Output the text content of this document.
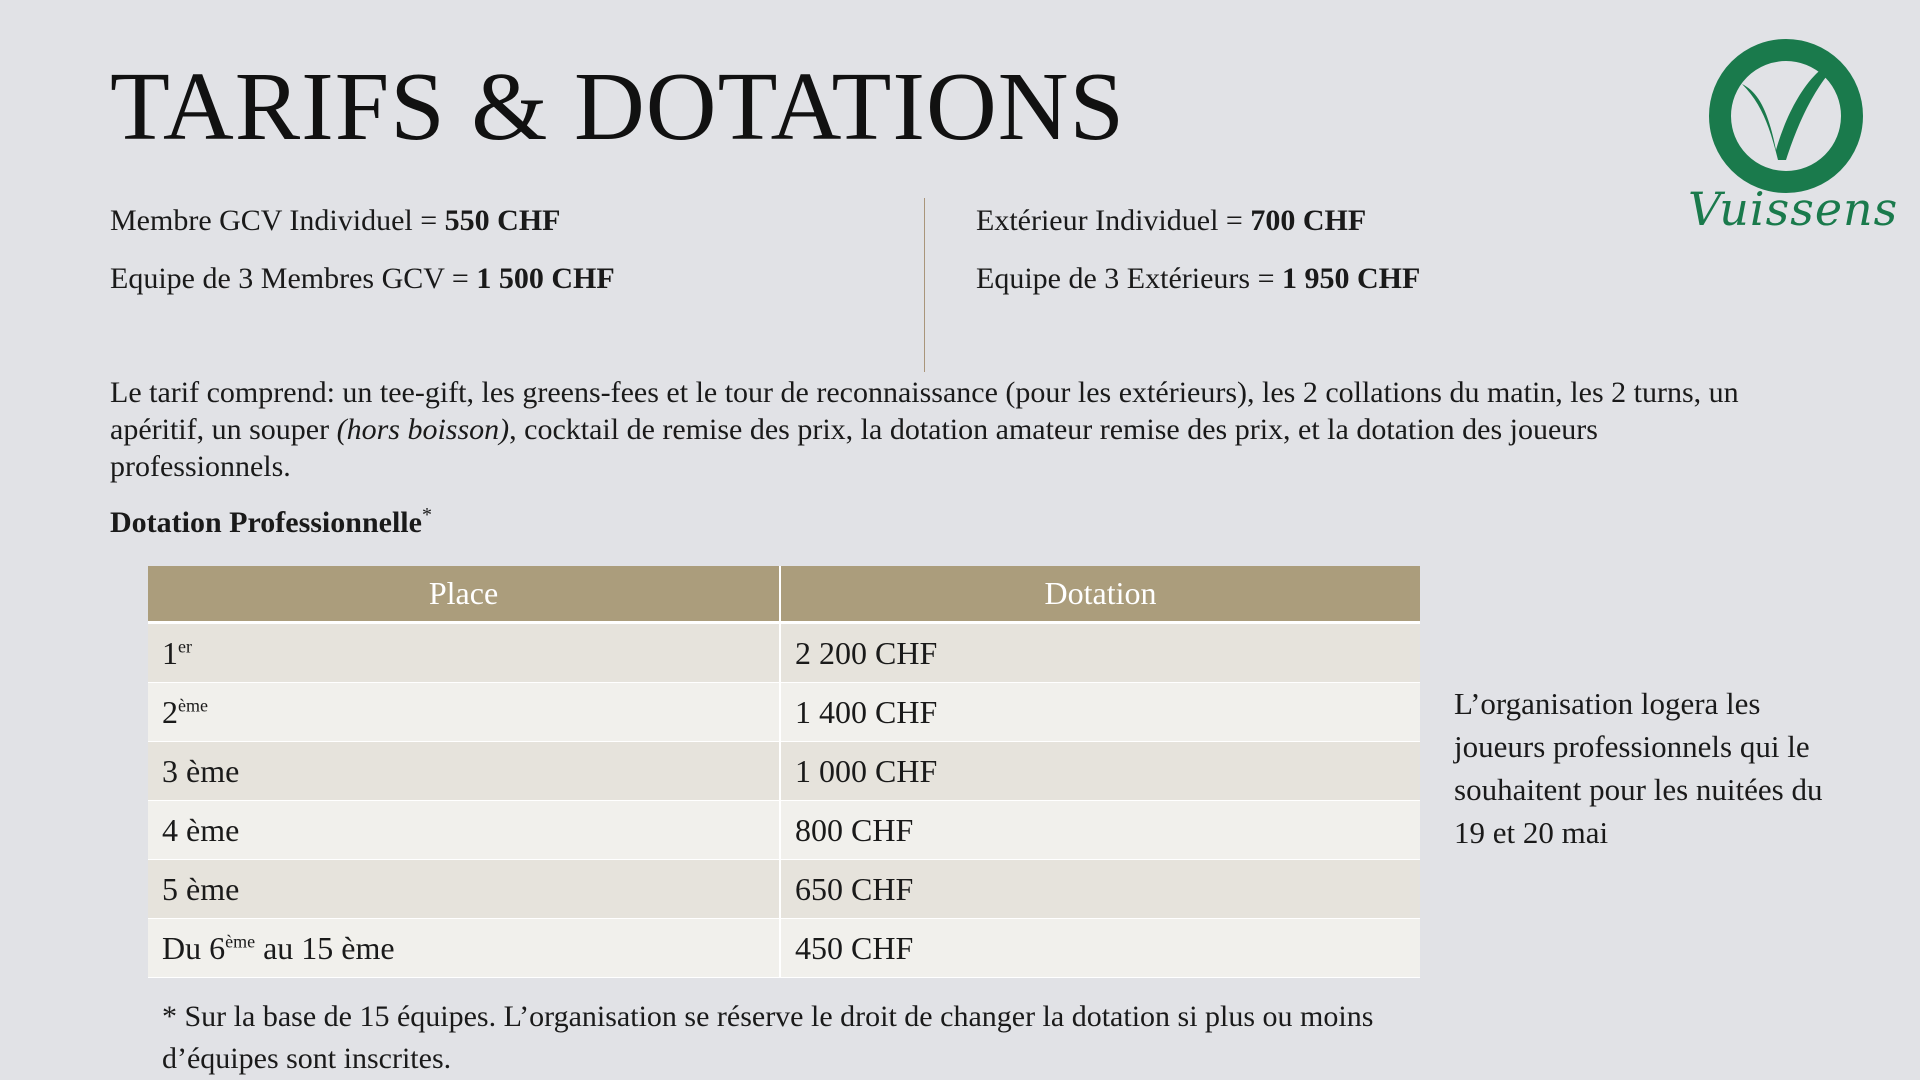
TARIFS & DOTATIONS
Vuissens
Membre GCV Individuel = 550 CHF
Equipe de 3 Membres GCV = 1 500 CHF
Extérieur Individuel = 700 CHF
Equipe de 3 Extérieurs = 1 950 CHF
Le tarif comprend: un tee-gift, les greens-fees et le tour de reconnaissance (pour les extérieurs), les 2 collations du matin, les 2 turns, un apéritif, un souper (hors boisson), cocktail de remise des prix, la dotation amateur remise des prix, et la dotation des joueurs professionnels.
Dotation Professionnelle*
Place	Dotation
1er	2 200 CHF
2ème	1 400 CHF
3 ème	1 000 CHF
4 ème	800 CHF
5 ème	650 CHF
Du 6ème au 15 ème	450 CHF
L’organisation logera les joueurs professionnels qui le souhaitent pour les nuitées du 19 et 20 mai
* Sur la base de 15 équipes. L’organisation se réserve le droit de changer la dotation si plus ou moins d’équipes sont inscrites.
